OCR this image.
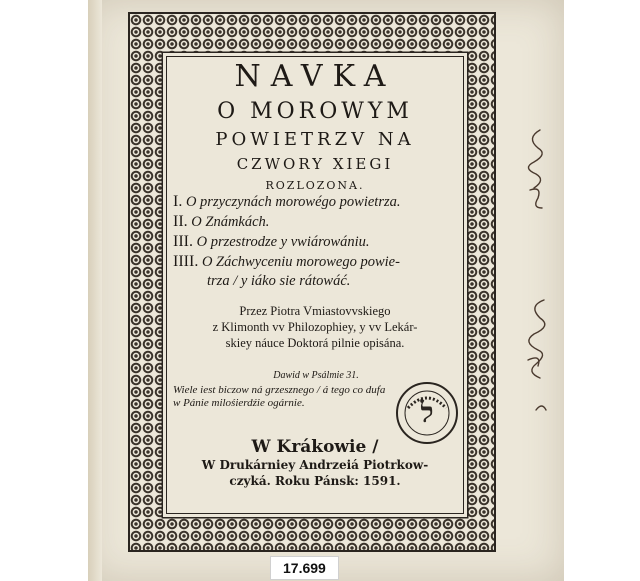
NAVKA

O MOROWYM

POWIETRZV NA

CZWORY XIEGI

ROZLOZONA.

I. O przyczynách morowégo powietrza.

II. O Známkách.

III. O przestrodze y vwiárowániu.

IIII. O Záchwyceniu morowego powie-

trza / y iáko sie rátowáć.

Przez Piotra Vmiastovvskiego

z Klimonth vv Philozophiey, y vv Lekár-

skiey náuce Doktorá pilnie opisána.

Dawid w Psálmie 31.

Wiele iest biczow ná grzesznego / á tego co dufa

w Pánie milośierdźie ogárnie.

W Krákowie /

W Drukárniey Andrzeiá Piotrkow-

czyká. Roku Pánsk: 1591.

ל
17.699
